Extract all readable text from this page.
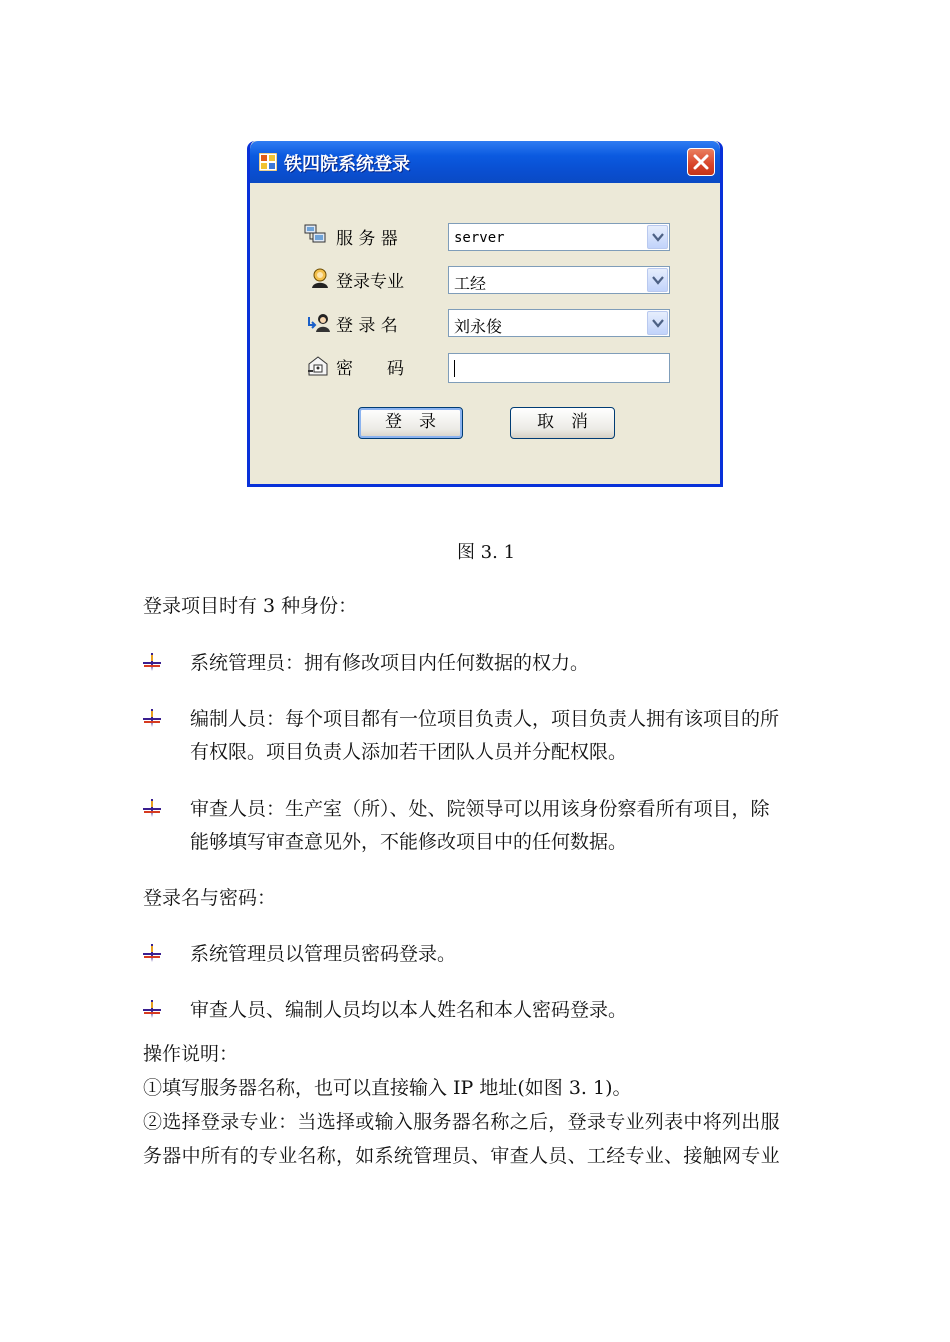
铁四院系统登录
服 务 器	server
登录专业	工经
登 录 名	刘永俊
密　　码
登　录	取　消
图 3. 1
登录项目时有 3 种身份：
系统管理员：拥有修改项目内任何数据的权力。
编制人员：每个项目都有一位项目负责人，项目负责人拥有该项目的所
有权限。项目负责人添加若干团队人员并分配权限。
审查人员：生产室（所）、处、院领导可以用该身份察看所有项目，除
能够填写审查意见外，不能修改项目中的任何数据。
登录名与密码：
系统管理员以管理员密码登录。
审查人员、编制人员均以本人姓名和本人密码登录。
操作说明：
①填写服务器名称，也可以直接输入 IP 地址(如图 3. 1)。
②选择登录专业：当选择或输入服务器名称之后，登录专业列表中将列出服
务器中所有的专业名称，如系统管理员、审查人员、工经专业、接触网专业
